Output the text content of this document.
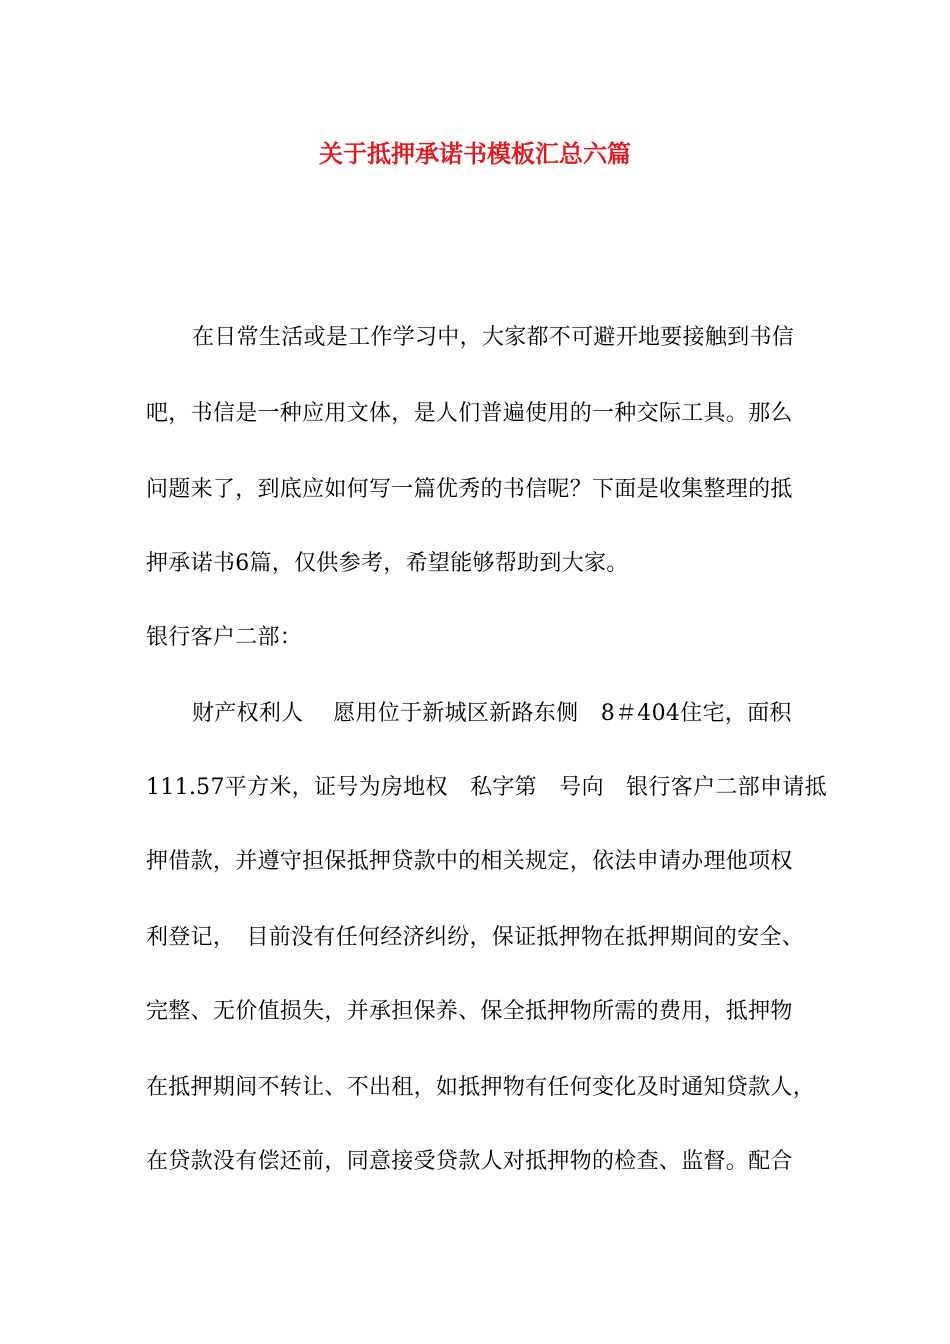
关于抵押承诺书模板汇总六篇
在日常生活或是工作学习中，大家都不可避开地要接触到书信
吧，书信是一种应用文体，是人们普遍使用的一种交际工具。那么
问题来了，到底应如何写一篇优秀的书信呢？下面是收集整理的抵
押承诺书6篇，仅供参考，希望能够帮助到大家。
银行客户二部：
财产权利人　 愿用位于新城区新路东侧　8＃404住宅，面积
111.57平方米，证号为房地权　私字第　号向　银行客户二部申请抵
押借款，并遵守担保抵押贷款中的相关规定，依法申请办理他项权
利登记，　目前没有任何经济纠纷，保证抵押物在抵押期间的安全、
完整、无价值损失，并承担保养、保全抵押物所需的费用，抵押物
在抵押期间不转让、不出租，如抵押物有任何变化及时通知贷款人，
在贷款没有偿还前，同意接受贷款人对抵押物的检查、监督。配合
